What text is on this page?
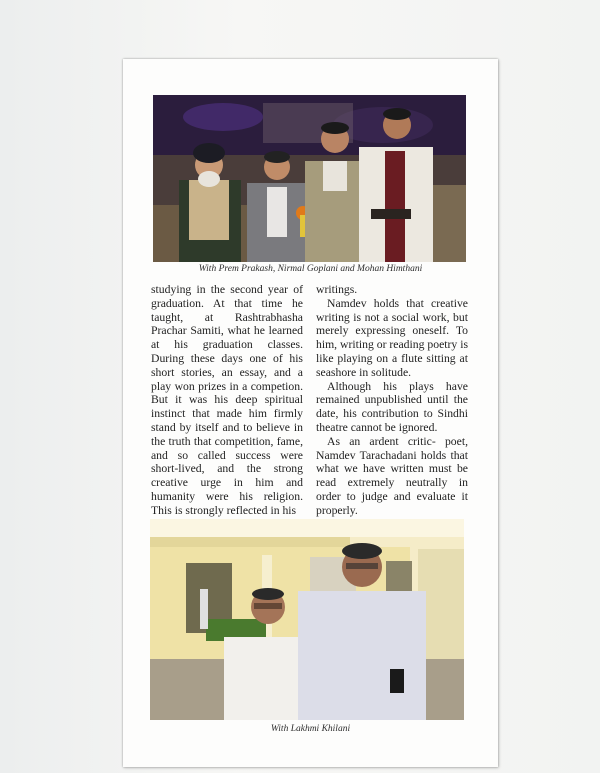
With Prem Prakash, Nirmal Goplani and Mohan Himthani

studying in the second year of graduation. At that time he taught, at Rashtrabhasha Prachar Samiti, what he learned at his graduation classes. During these days one of his short stories, an essay, and a play won prizes in a competion. But it was his deep spiritual instinct that made him firmly stand by itself and to believe in the truth that competition, fame, and so called success were short-lived, and the strong creative urge in him and humanity were his religion. This is strongly reflected in his

writings.

Namdev holds that creative writing is not a social work, but merely expressing oneself. To him, writing or reading poetry is like playing on a flute sitting at seashore in solitude.

Although his plays have remained unpublished until the date, his contribution to Sindhi theatre cannot be ignored.

As an ardent critic- poet, Namdev Tarachadani holds that what we have written must be read extremely neutrally in order to judge and evaluate it properly.

With Lakhmi Khilani
